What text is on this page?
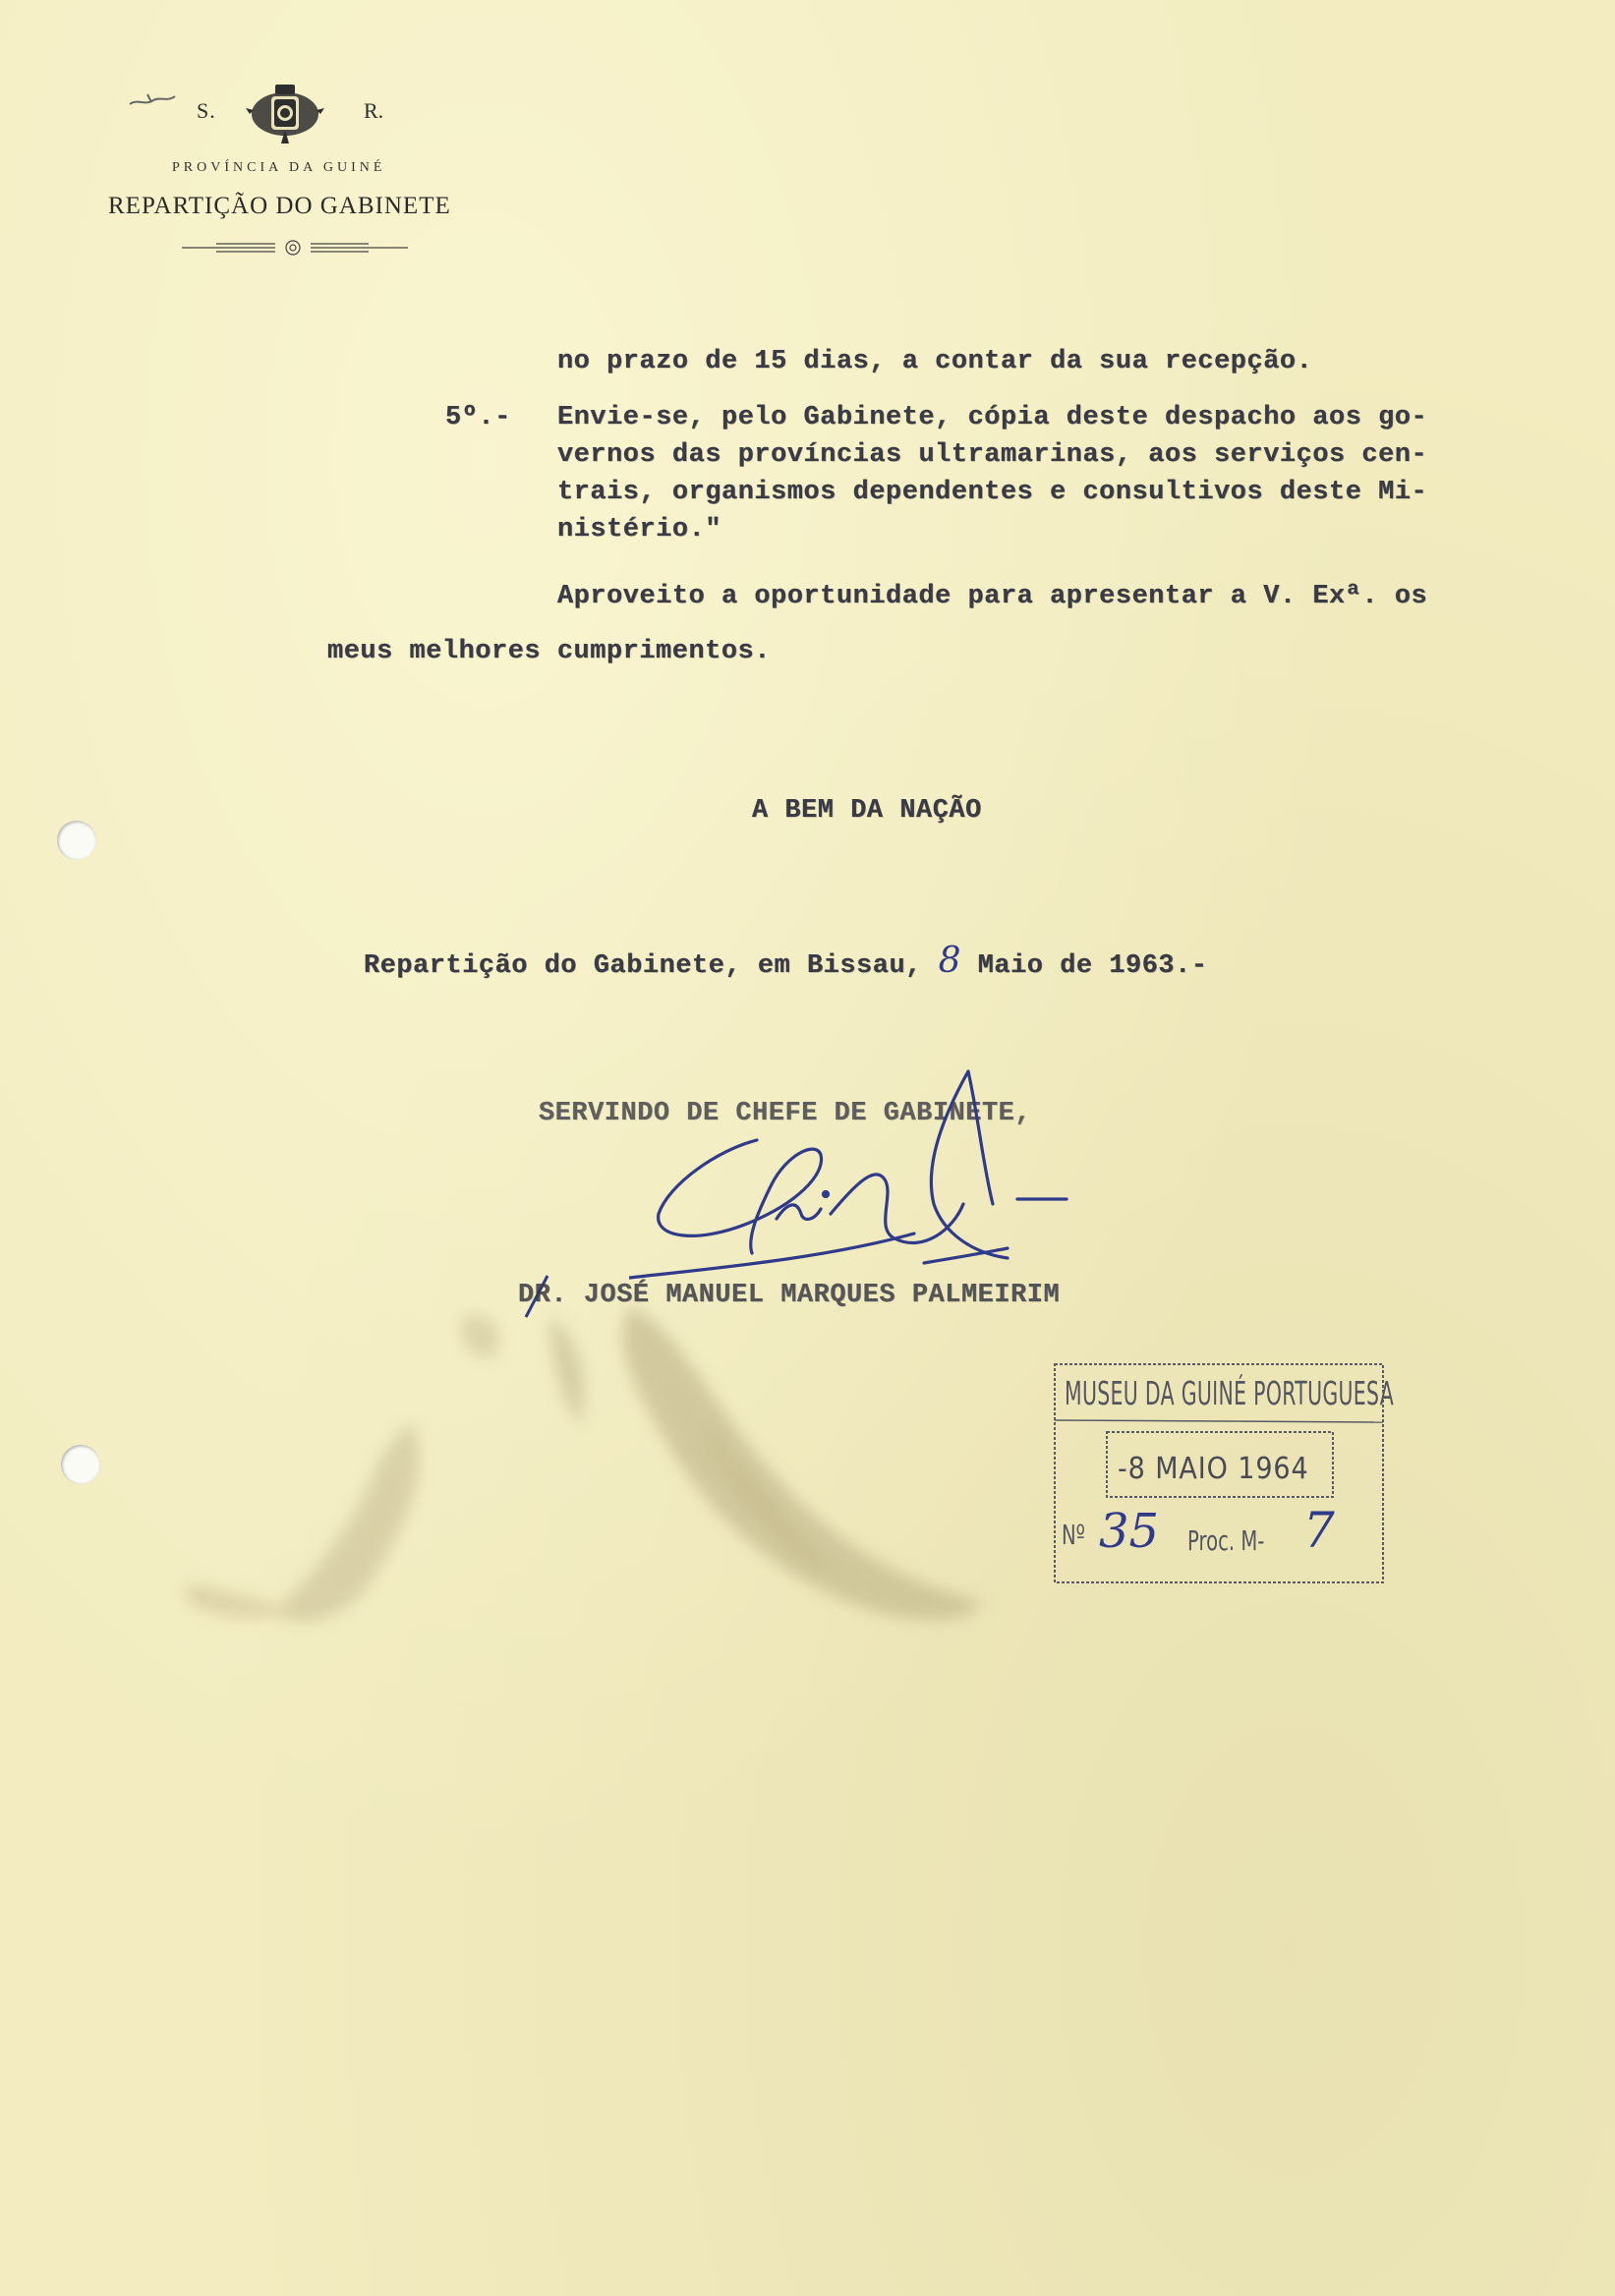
S.	R.
PROVÍNCIA DA GUINÉ
REPARTIÇÃO DO GABINETE
no prazo de 15 dias, a contar da sua recepção.
5º.- Envie-se, pelo Gabinete, cópia deste despacho aos go-
vernos das províncias ultramarinas, aos serviços cen-
trais, organismos dependentes e consultivos deste Mi-
nistério."
Aproveito a oportunidade para apresentar a V. Exª. os
meus melhores cumprimentos.
A BEM DA NAÇÃO
Repartição do Gabinete, em Bissau, 8 Maio de 1963.-
SERVINDO DE CHEFE DE GABINETE,
DR. JOSÉ MANUEL MARQUES PALMEIRIM
MUSEU DA GUINÉ PORTUGUESA
-8 MAIO 1964
Nº 35 Proc. M- 7
